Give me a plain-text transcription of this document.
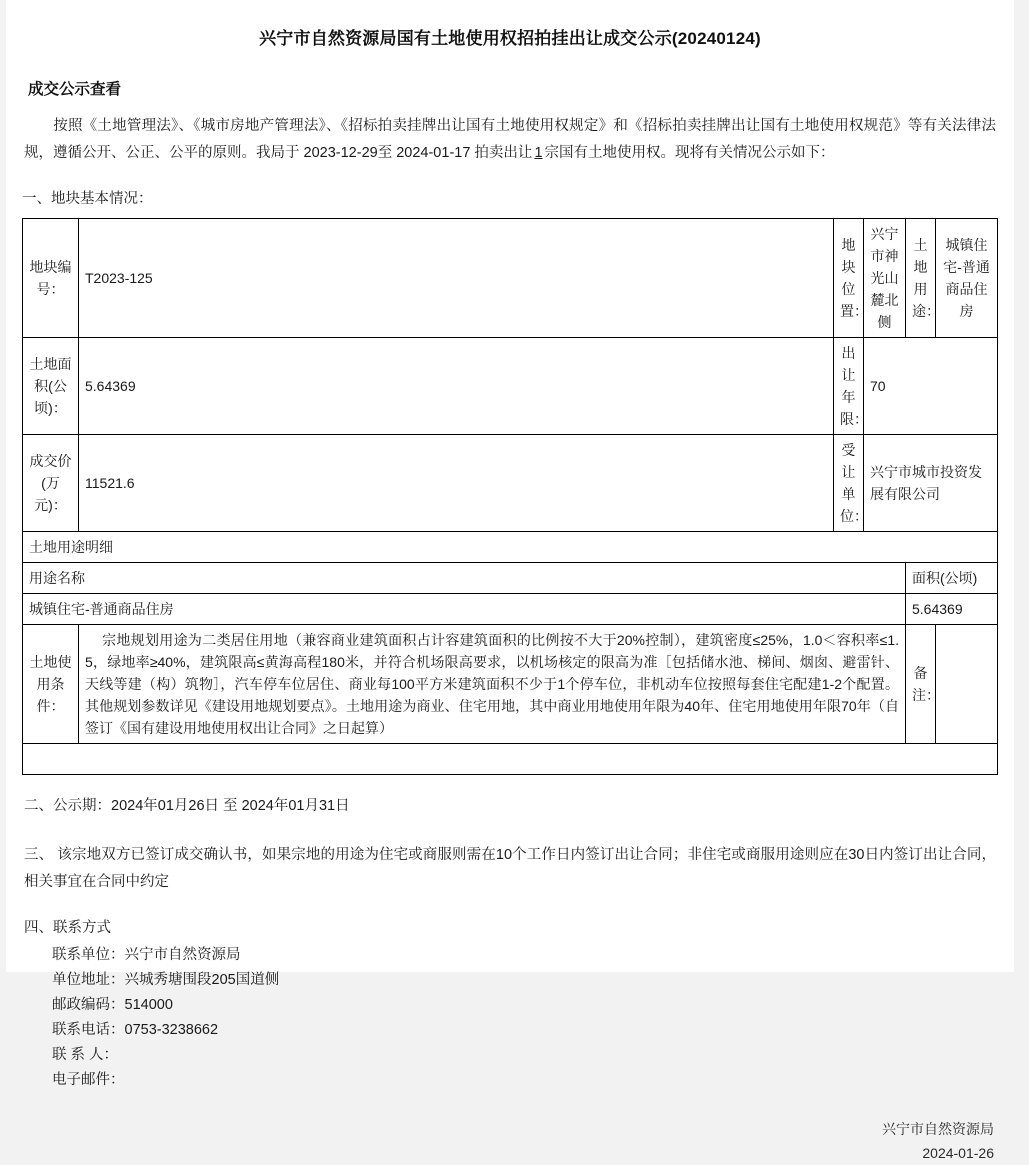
兴宁市自然资源局国有土地使用权招拍挂出让成交公示(20240124)
成交公示查看
按照《土地管理法》、《城市房地产管理法》、《招标拍卖挂牌出让国有土地使用权规定》和《招标拍卖挂牌出让国有土地使用权规范》等有关法律法规，遵循公开、公正、公平的原则。我局于 2023-12-29至 2024-01-17 拍卖出让 1 宗国有土地使用权。现将有关情况公示如下：
一、地块基本情况：
地块编号：	T2023-125	地块位置：	兴宁市神光山麓北侧	土地用途：	城镇住宅-普通商品住房
土地面积(公顷)：	5.64369	出让年限：	70		
成交价(万元)：	11521.6	受让单位：	兴宁市城市投资发展有限公司		
土地用途明细					
用途名称				面积(公顷)	
城镇住宅-普通商品住房				5.64369	
土地使用条件：	宗地规划用途为二类居住用地（兼容商业建筑面积占计容建筑面积的比例按不大于20%控制），建筑密度≤25%，1.0＜容积率≤1.5，绿地率≥40%，建筑限高≤黄海高程180米，并符合机场限高要求，以机场核定的限高为准［包括储水池、梯间、烟囱、避雷针、天线等建（构）筑物］，汽车停车位居住、商业每100平方米建筑面积不少于1个停车位，非机动车位按照每套住宅配建1-2个配置。其他规划参数详见《建设用地规划要点》。土地用途为商业、住宅用地，其中商业用地使用年限为40年、住宅用地使用年限70年（自签订《国有建设用地使用权出让合同》之日起算）			备注：	

二、公示期：2024年01月26日 至 2024年01月31日
三、 该宗地双方已签订成交确认书，如果宗地的用途为住宅或商服则需在10个工作日内签订出让合同；非住宅或商服用途则应在30日内签订出让合同，相关事宜在合同中约定
四、联系方式
联系单位：兴宁市自然资源局
单位地址：兴城秀塘围段205国道侧
邮政编码：514000
联系电话：0753-3238662
联 系 人：
电子邮件：
兴宁市自然资源局
2024-01-26
